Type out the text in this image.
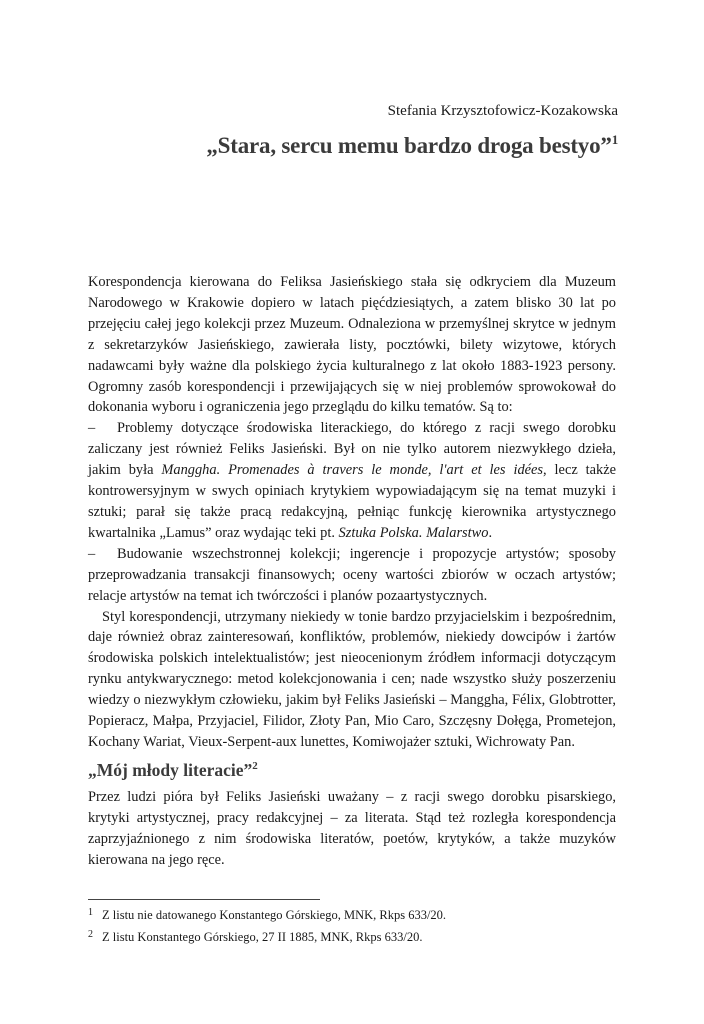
Stefania Krzysztofowicz-Kozakowska
„Stara, sercu memu bardzo droga bestyo”$^1$

Korespondencja kierowana do Feliksa Jasieńskiego stała się odkryciem dla Muzeum Narodowego w Krakowie dopiero w latach pięćdziesiątych, a zatem blisko 30 lat po przejęciu całej jego kolekcji przez Muzeum. Odnaleziona w przemyślnej skrytce w jednym z sekretarzyków Jasieńskiego, zawierała listy, pocztówki, bilety wizytowe, których nadawcami były ważne dla polskiego życia kulturalnego z lat około 1883-1923 persony. Ogromny zasób korespondencji i przewijających się w niej problemów sprowokował do dokonania wyboru i ograniczenia jego przeglądu do kilku tematów. Są to:

– Problemy dotyczące środowiska literackiego, do którego z racji swego dorobku zaliczany jest również Feliks Jasieński. Był on nie tylko autorem niezwykłego dzieła, jakim była Manggha. Promenades à travers le monde, l'art et les idées, lecz także kontrowersyjnym w swych opiniach krytykiem wypowiadającym się na temat muzyki i sztuki; parał się także pracą redakcyjną, pełniąc funkcję kierownika artystycznego kwartalnika „Lamus” oraz wydając teki pt. Sztuka Polska. Malarstwo.

– Budowanie wszechstronnej kolekcji; ingerencje i propozycje artystów; sposoby przeprowadzania transakcji finansowych; oceny wartości zbiorów w oczach artystów; relacje artystów na temat ich twórczości i planów pozaartystycznych.

Styl korespondencji, utrzymany niekiedy w tonie bardzo przyjacielskim i bezpośrednim, daje również obraz zainteresowań, konfliktów, problemów, niekiedy dowcipów i żartów środowiska polskich intelektualistów; jest nieocenionym źródłem informacji dotyczącym rynku antykwarycznego: metod kolekcjonowania i cen; nade wszystko służy poszerzeniu wiedzy o niezwykłym człowieku, jakim był Feliks Jasieński – Manggha, Félix, Globtrotter, Popieracz, Małpa, Przyjaciel, Filidor, Złoty Pan, Mio Caro, Szczęsny Dołęga, Prometejon, Kochany Wariat, Vieux-Serpent-aux lunettes, Komiwojażer sztuki, Wichrowaty Pan.

„Mój młody literacie”$^2$

Przez ludzi pióra był Feliks Jasieński uważany – z racji swego dorobku pisarskiego, krytyki artystycznej, pracy redakcyjnej – za literata. Stąd też rozległa korespondencja zaprzyjaźnionego z nim środowiska literatów, poetów, krytyków, a także muzyków kierowana na jego ręce.

1 Z listu nie datowanego Konstantego Górskiego, MNK, Rkps 633/20.
2 Z listu Konstantego Górskiego, 27 II 1885, MNK, Rkps 633/20.
